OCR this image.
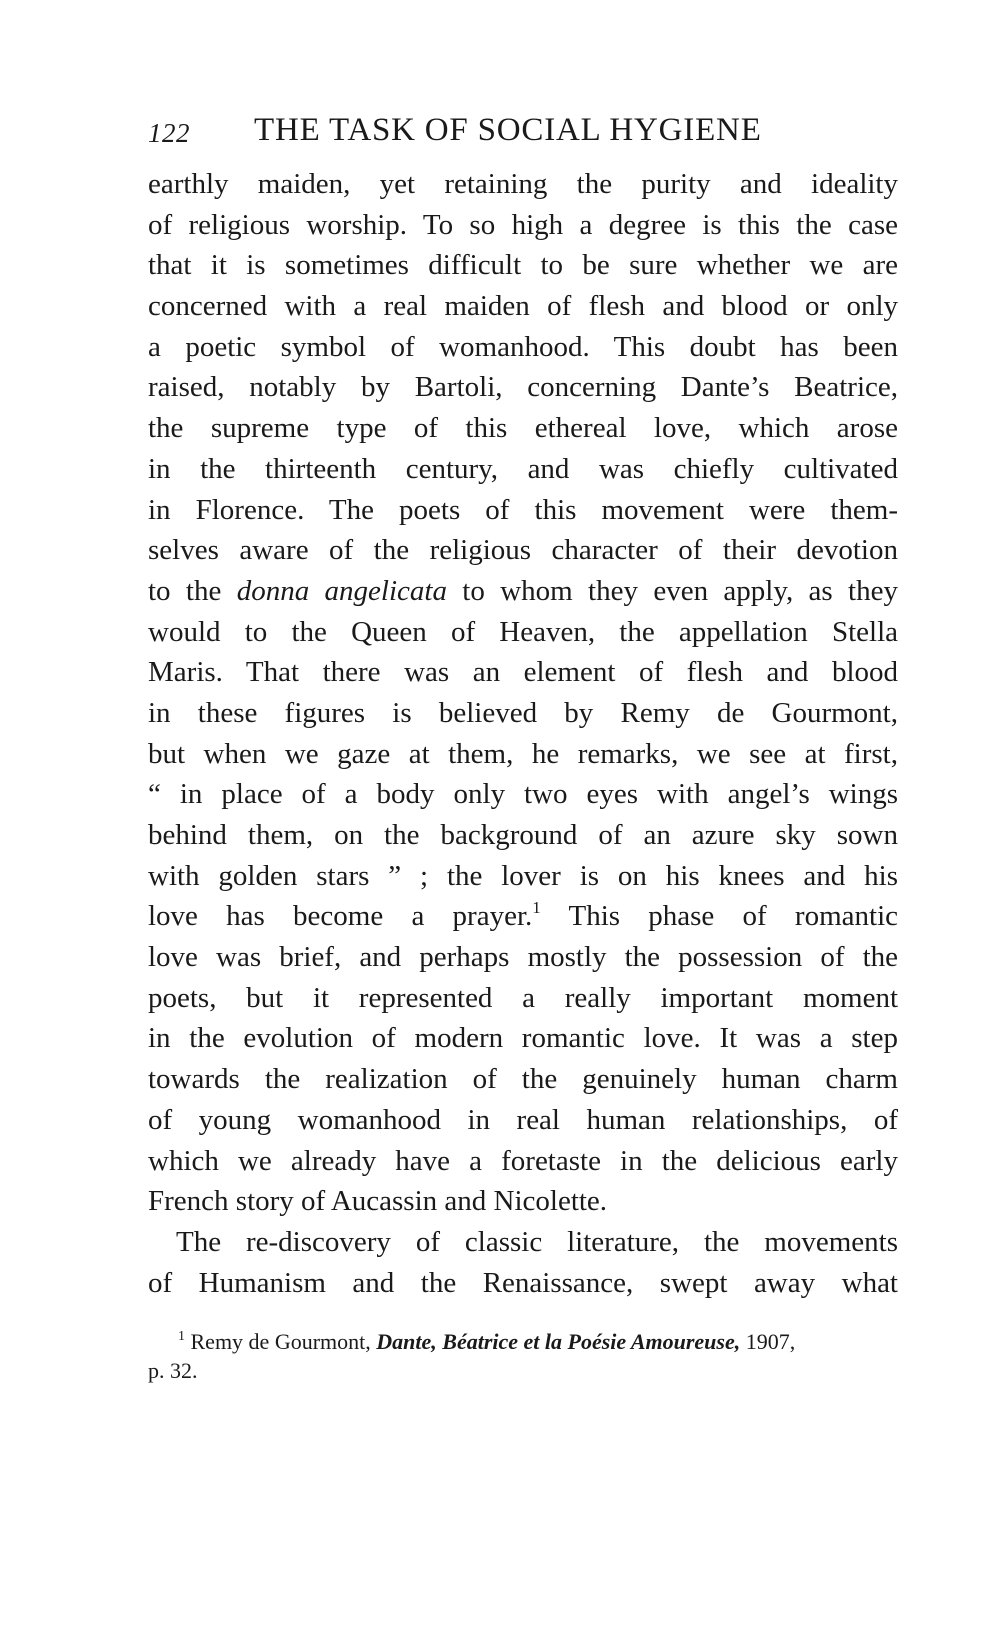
122 THE TASK OF SOCIAL HYGIENE
earthly maiden, yet retaining the purity and ideality
of religious worship. To so high a degree is this the case
that it is sometimes difficult to be sure whether we are
concerned with a real maiden of flesh and blood or only
a poetic symbol of womanhood. This doubt has been
raised, notably by Bartoli, concerning Dante’s Beatrice,
the supreme type of this ethereal love, which arose
in the thirteenth century, and was chiefly cultivated
in Florence. The poets of this movement were them-
selves aware of the religious character of their devotion
to the donna angelicata to whom they even apply, as they
would to the Queen of Heaven, the appellation Stella
Maris. That there was an element of flesh and blood
in these figures is believed by Remy de Gourmont,
but when we gaze at them, he remarks, we see at first,
“ in place of a body only two eyes with angel’s wings
behind them, on the background of an azure sky sown
with golden stars ” ; the lover is on his knees and his
love has become a prayer.$^1$ This phase of romantic
love was brief, and perhaps mostly the possession of the
poets, but it represented a really important moment
in the evolution of modern romantic love. It was a step
towards the realization of the genuinely human charm
of young womanhood in real human relationships, of
which we already have a foretaste in the delicious early
French story of Aucassin and Nicolette.
The re-discovery of classic literature, the movements
of Humanism and the Renaissance, swept away what
$^1$ Remy de Gourmont, Dante, Béatrice et la Poésie Amoureuse, 1907,
p. 32.
